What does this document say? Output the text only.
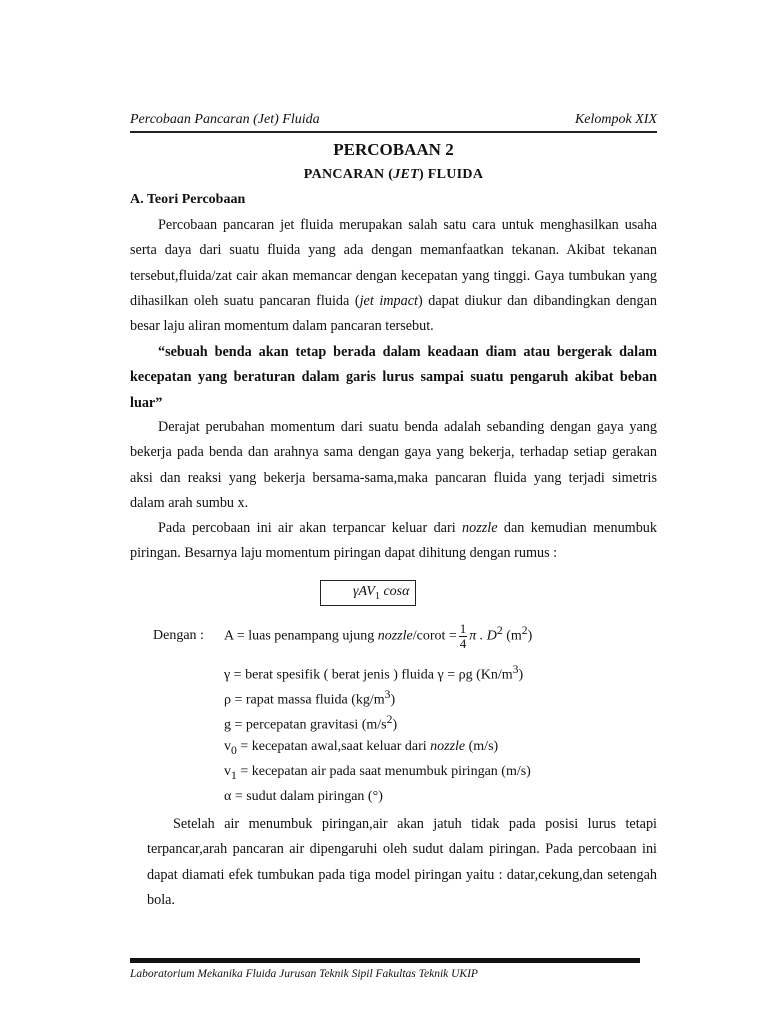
Percobaan Pancaran (Jet) Fluida	Kelompok XIX
PERCOBAAN 2
PANCARAN (JET) FLUIDA
A. Teori Percobaan

Percobaan pancaran jet fluida merupakan salah satu cara untuk menghasilkan usaha serta daya dari suatu fluida yang ada dengan memanfaatkan tekanan. Akibat tekanan tersebut,fluida/zat cair akan memancar dengan kecepatan yang tinggi. Gaya tumbukan yang dihasilkan oleh suatu pancaran fluida (jet impact) dapat diukur dan dibandingkan dengan besar laju aliran momentum dalam pancaran tersebut.

“sebuah benda akan tetap berada dalam keadaan diam atau bergerak dalam kecepatan yang beraturan dalam garis lurus sampai suatu pengaruh akibat beban luar”

Derajat perubahan momentum dari suatu benda adalah sebanding dengan gaya yang bekerja pada benda dan arahnya sama dengan gaya yang bekerja, terhadap setiap gerakan aksi dan reaksi yang bekerja bersama-sama,maka pancaran fluida yang terjadi simetris dalam arah sumbu x.

Pada percobaan ini air akan terpancar keluar dari nozzle dan kemudian menumbuk piringan. Besarnya laju momentum piringan dapat dihitung dengan rumus :

γAV$_1$ cosα
Dengan : A = luas penampang ujung nozzle/corot = $\frac{1}{4}$ π . $D^2$ $(m^2)$
γ = berat spesifik ( berat jenis ) fluida γ = ρg $(Kn/m^3)$
ρ = rapat massa fluida $(kg/m^3)$
g = percepatan gravitasi $(m/s^2)$
$v_0$ = kecepatan awal,saat keluar dari nozzle (m/s)
$v_1$ = kecepatan air pada saat menumbuk piringan (m/s)
α = sudut dalam piringan (°)

Setelah air menumbuk piringan,air akan jatuh tidak pada posisi lurus tetapi terpancar,arah pancaran air dipengaruhi oleh sudut dalam piringan. Pada percobaan ini dapat diamati efek tumbukan pada tiga model piringan yaitu : datar,cekung,dan setengah bola.

Laboratorium Mekanika Fluida Jurusan Teknik Sipil Fakultas Teknik UKIP
